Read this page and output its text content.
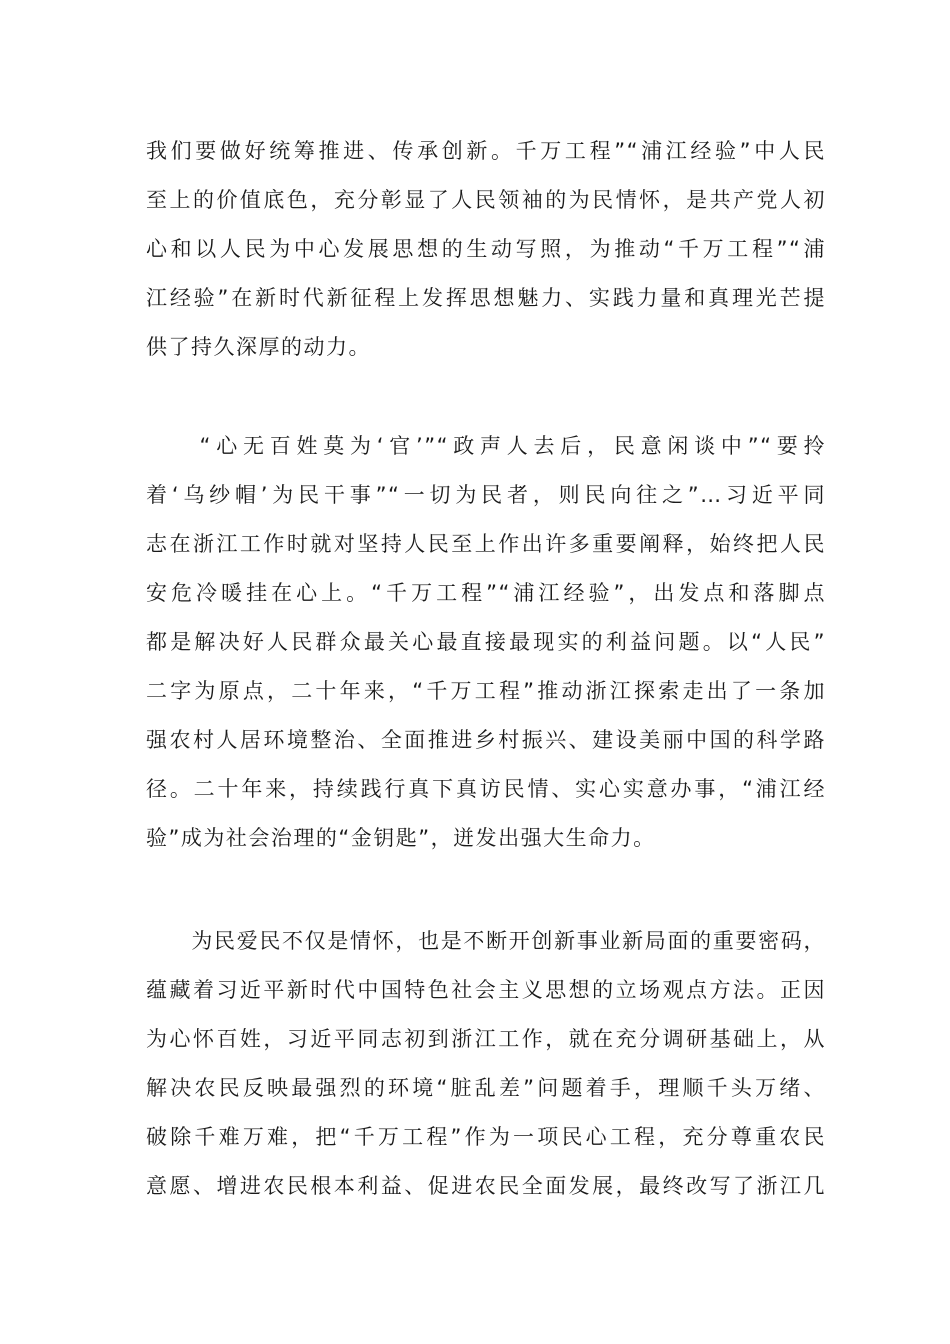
我们要做好统筹推进、传承创新。千万工程”“浦江经验”中人民
至上的价值底色，充分彰显了人民领袖的为民情怀，是共产党人初
心和以人民为中心发展思想的生动写照，为推动“千万工程”“浦
江经验”在新时代新征程上发挥思想魅力、实践力量和真理光芒提
供了持久深厚的动力。
　　“心无百姓莫为‘官’”“政声人去后，民意闲谈中”“要拎
着‘乌纱帽’为民干事”“一切为民者，则民向往之”…习近平同
志在浙江工作时就对坚持人民至上作出许多重要阐释，始终把人民
安危冷暖挂在心上。“千万工程”“浦江经验”，出发点和落脚点
都是解决好人民群众最关心最直接最现实的利益问题。以“人民”
二字为原点，二十年来，“千万工程”推动浙江探索走出了一条加
强农村人居环境整治、全面推进乡村振兴、建设美丽中国的科学路
径。二十年来，持续践行真下真访民情、实心实意办事，“浦江经
验”成为社会治理的“金钥匙”，迸发出强大生命力。
　　为民爱民不仅是情怀，也是不断开创新事业新局面的重要密码，
蕴藏着习近平新时代中国特色社会主义思想的立场观点方法。正因
为心怀百姓，习近平同志初到浙江工作，就在充分调研基础上，从
解决农民反映最强烈的环境“脏乱差”问题着手，理顺千头万绪、
破除千难万难，把“千万工程”作为一项民心工程，充分尊重农民
意愿、增进农民根本利益、促进农民全面发展，最终改写了浙江几
